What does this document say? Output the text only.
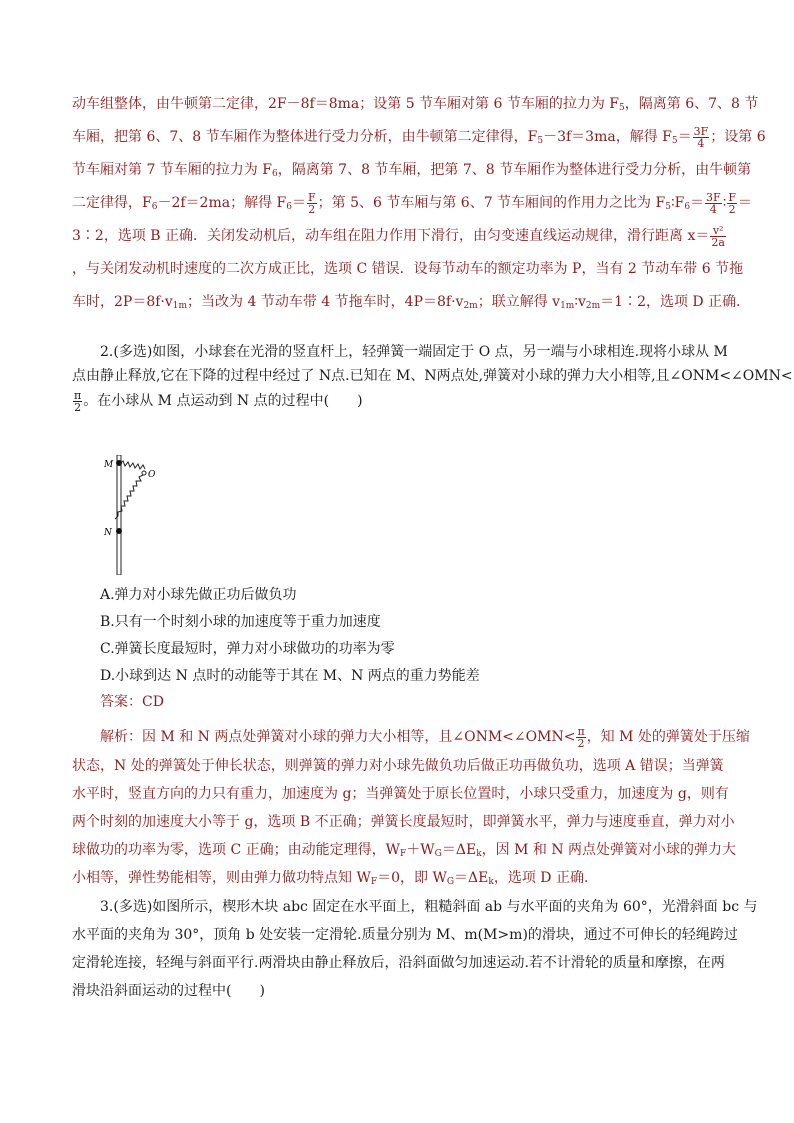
动车组整体，由牛顿第二定律，2F－8f＝8ma；设第 5 节车厢对第 6 节车厢的拉力为 $F_5$，隔离第 6、7、8 节
车厢，把第 6、7、8 节车厢作为整体进行受力分析，由牛顿第二定律得，$F_5-3f=3ma$，解得 $F_5= \frac{3F}{4}$ ；设第 6
节车厢对第 7 节车厢的拉力为 $F_6$，隔离第 7、8 节车厢，把第 7、8 节车厢作为整体进行受力分析，由牛顿第
二定律得，$F_6-2f=2ma$；解得 $F_6= \frac{F}{2}$ ；第 5、6 节车厢与第 6、7 节车厢间的作用力之比为 $F_5∶F_6= \frac{3F}{4}$ ∶ $\frac{F}{2}$ ＝
3∶2，选项 B 正确．关闭发动机后，动车组在阻力作用下滑行，由匀变速直线运动规律，滑行距离 $x= \frac{\text{v²}}{2a}$
，与关闭发动机时速度的二次方成正比，选项 C 错误．设每节动车的额定功率为 P，当有 2 节动车带 6 节拖
车时，$2P=8f\cdot v_{1m}$；当改为 4 节动车带 4 节拖车时，$4P=8f\cdot v_{2m}$；联立解得 $v_{1m}∶v_{2m}=1∶2$，选项 D 正确．
2.(多选)如图，小球套在光滑的竖直杆上，轻弹簧一端固定于 O 点，另一端与小球相连.现将小球从 M
点由静止释放,它在下降的过程中经过了 N点.已知在 M、N两点处,弹簧对小球的弹力大小相等,且∠ONM<∠OMN<
$\frac{\pi}{2}$ 。在小球从 M 点运动到 N 点的过程中(　　)
M
O
N
A.弹力对小球先做正功后做负功
B.只有一个时刻小球的加速度等于重力加速度
C.弹簧长度最短时，弹力对小球做功的功率为零
D.小球到达 N 点时的动能等于其在 M、N 两点的重力势能差
答案：CD
解析：因 M 和 N 两点处弹簧对小球的弹力大小相等，且∠ONM<∠OMN< $\frac{\pi}{2}$ ，知 M 处的弹簧处于压缩
状态，N 处的弹簧处于伸长状态，则弹簧的弹力对小球先做负功后做正功再做负功，选项 A 错误；当弹簧
水平时，竖直方向的力只有重力，加速度为 g；当弹簧处于原长位置时，小球只受重力，加速度为 g，则有
两个时刻的加速度大小等于 g，选项 B 不正确；弹簧长度最短时，即弹簧水平，弹力与速度垂直，弹力对小
球做功的功率为零，选项 C 正确；由动能定理得，$W_F+W_G=\Delta E_k$，因 M 和 N 两点处弹簧对小球的弹力大
小相等，弹性势能相等，则由弹力做功特点知 $W_F=0$，即 $W_G=\Delta E_k$，选项 D 正确.
3.(多选)如图所示，楔形木块 abc 固定在水平面上，粗糙斜面 ab 与水平面的夹角为 60°，光滑斜面 bc 与
水平面的夹角为 30°，顶角 b 处安装一定滑轮.质量分别为 M、m(M>m)的滑块，通过不可伸长的轻绳跨过
定滑轮连接，轻绳与斜面平行.两滑块由静止释放后，沿斜面做匀加速运动.若不计滑轮的质量和摩擦，在两
滑块沿斜面运动的过程中(　　)
